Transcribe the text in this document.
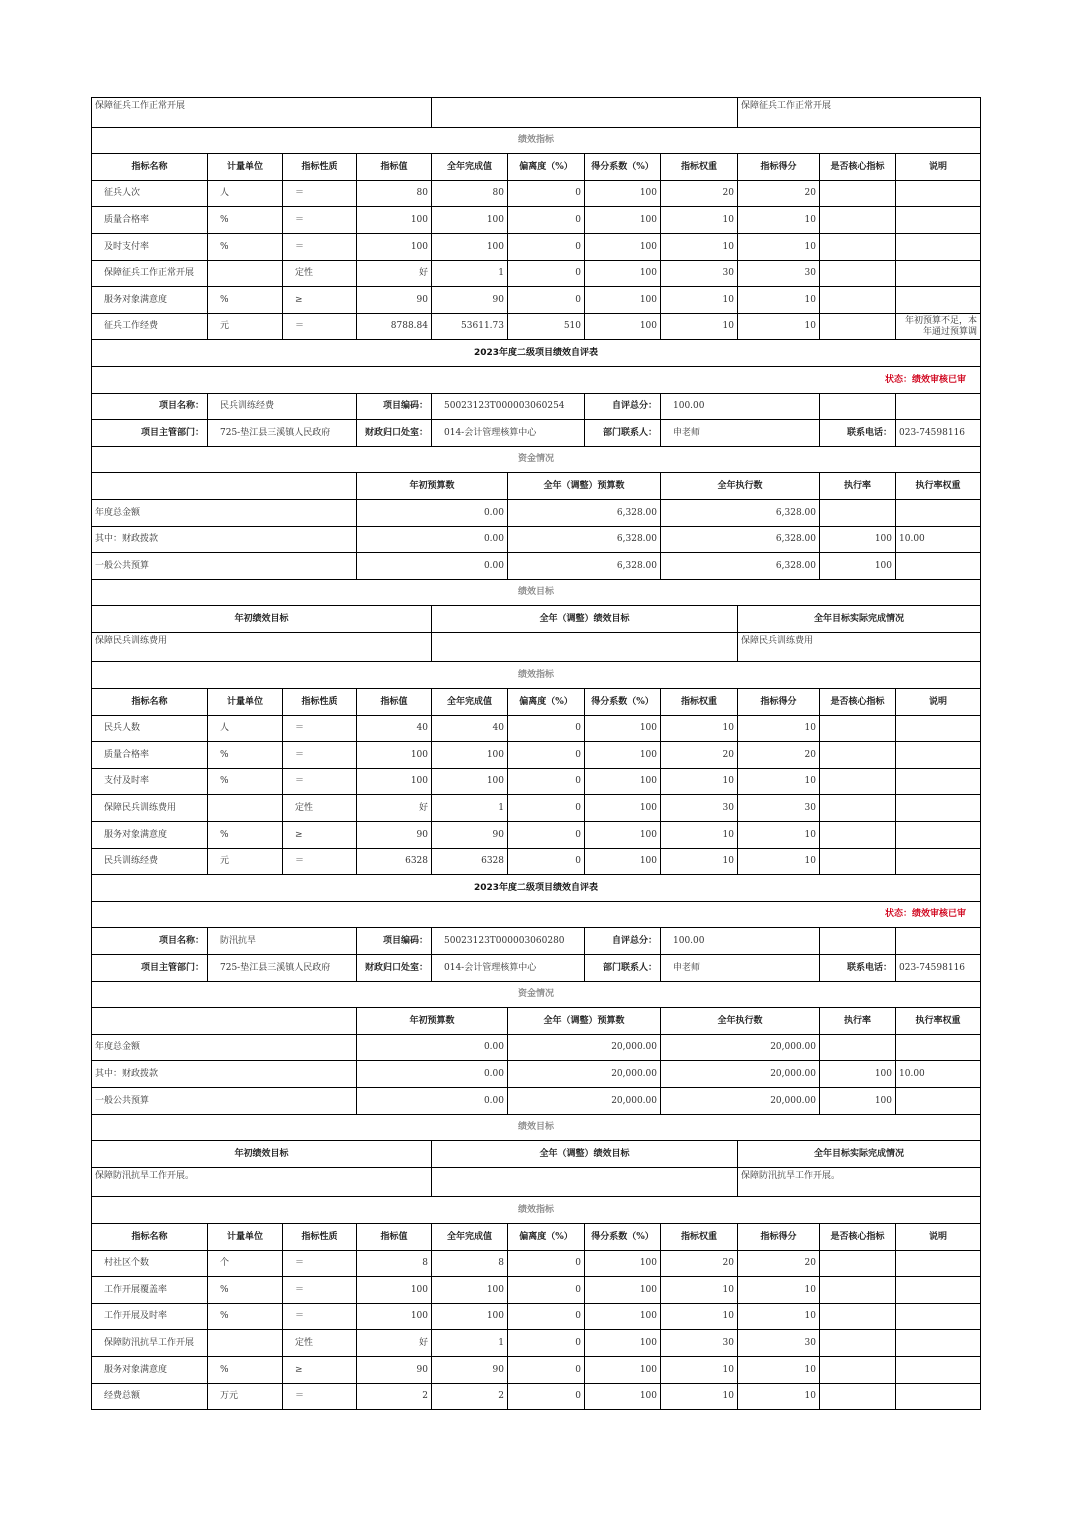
保障征兵工作正常开展								保障征兵工作正常开展			
绩效指标											
指标名称	计量单位	指标性质	指标值	全年完成值	偏离度（%）	得分系数（%）	指标权重	指标得分	是否核心指标	说明	
征兵人次	人	＝	80	80	0	100	20	20			
质量合格率	%	＝	100	100	0	100	10	10			
及时支付率	%	＝	100	100	0	100	10	10			
保障征兵工作正常开展		定性	好	1	0	100	30	30			
服务对象满意度	%	≥	90	90	0	100	10	10			
征兵工作经费	元	＝	8788.84	53611.73	510	100	10	10		年初预算不足，本年通过预算调	
2023年度二级项目绩效自评表											
状态：绩效审核已审											
项目名称：	民兵训练经费		项目编码：	50023123T000003060254		自评总分：	100.00				
项目主管部门：	725-垫江县三溪镇人民政府		财政归口处室：	014-会计管理核算中心		部门联系人：	申老师		联系电话：	023-74598116	
资金情况											
			年初预算数		全年（调整）预算数		全年执行数		执行率	执行率权重	
年度总金额			0.00		6,328.00		6,328.00				
其中：财政拨款			0.00		6,328.00		6,328.00		100	10.00	
一般公共预算			0.00		6,328.00		6,328.00		100		
绩效目标											
年初绩效目标				全年（调整）绩效目标				全年目标实际完成情况			
保障民兵训练费用								保障民兵训练费用			
绩效指标											
指标名称	计量单位	指标性质	指标值	全年完成值	偏离度（%）	得分系数（%）	指标权重	指标得分	是否核心指标	说明	
民兵人数	人	＝	40	40	0	100	10	10			
质量合格率	%	＝	100	100	0	100	20	20			
支付及时率	%	＝	100	100	0	100	10	10			
保障民兵训练费用		定性	好	1	0	100	30	30			
服务对象满意度	%	≥	90	90	0	100	10	10			
民兵训练经费	元	＝	6328	6328	0	100	10	10			
2023年度二级项目绩效自评表											
状态：绩效审核已审											
项目名称：	防汛抗旱		项目编码：	50023123T000003060280		自评总分：	100.00				
项目主管部门：	725-垫江县三溪镇人民政府		财政归口处室：	014-会计管理核算中心		部门联系人：	申老师		联系电话：	023-74598116	
资金情况											
			年初预算数		全年（调整）预算数		全年执行数		执行率	执行率权重	
年度总金额			0.00		20,000.00		20,000.00				
其中：财政拨款			0.00		20,000.00		20,000.00		100	10.00	
一般公共预算			0.00		20,000.00		20,000.00		100		
绩效目标											
年初绩效目标				全年（调整）绩效目标				全年目标实际完成情况			
保障防汛抗旱工作开展。								保障防汛抗旱工作开展。			
绩效指标											
指标名称	计量单位	指标性质	指标值	全年完成值	偏离度（%）	得分系数（%）	指标权重	指标得分	是否核心指标	说明	
村社区个数	个	＝	8	8	0	100	20	20			
工作开展覆盖率	%	＝	100	100	0	100	10	10			
工作开展及时率	%	＝	100	100	0	100	10	10			
保障防汛抗旱工作开展		定性	好	1	0	100	30	30			
服务对象满意度	%	≥	90	90	0	100	10	10			
经费总额	万元	＝	2	2	0	100	10	10			
